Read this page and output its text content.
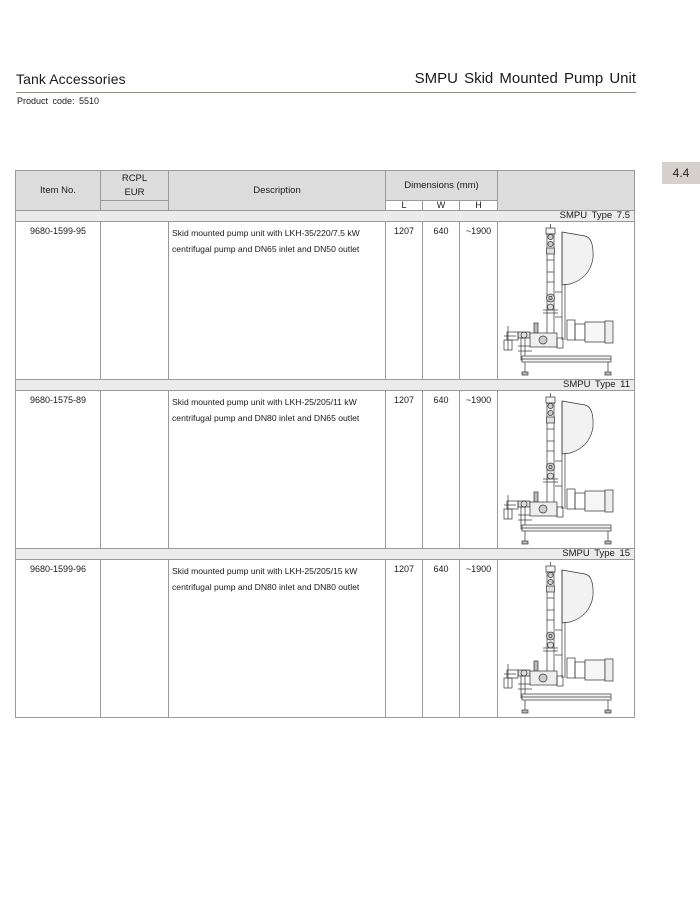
Tank Accessories	SMPU Skid Mounted Pump Unit
Product code: 5510
4.4
Item No.	RCPL
EUR	Description	Dimensions (mm)			
			L	W	H	
SMPU Type 7.5						
9680-1599-95		Skid mounted pump unit with LKH-35/220/7.5 kW
centrifugal pump and DN65 inlet and DN50 outlet	1207	640	~1900	

SMPU Type 11						
9680-1575-89		Skid mounted pump unit with LKH-25/205/11 kW
centrifugal pump and DN80 inlet and DN65 outlet	1207	640	~1900	

SMPU Type 15						
9680-1599-96		Skid mounted pump unit with LKH-25/205/15 kW
centrifugal pump and DN80 inlet and DN80 outlet	1207	640	~1900	
